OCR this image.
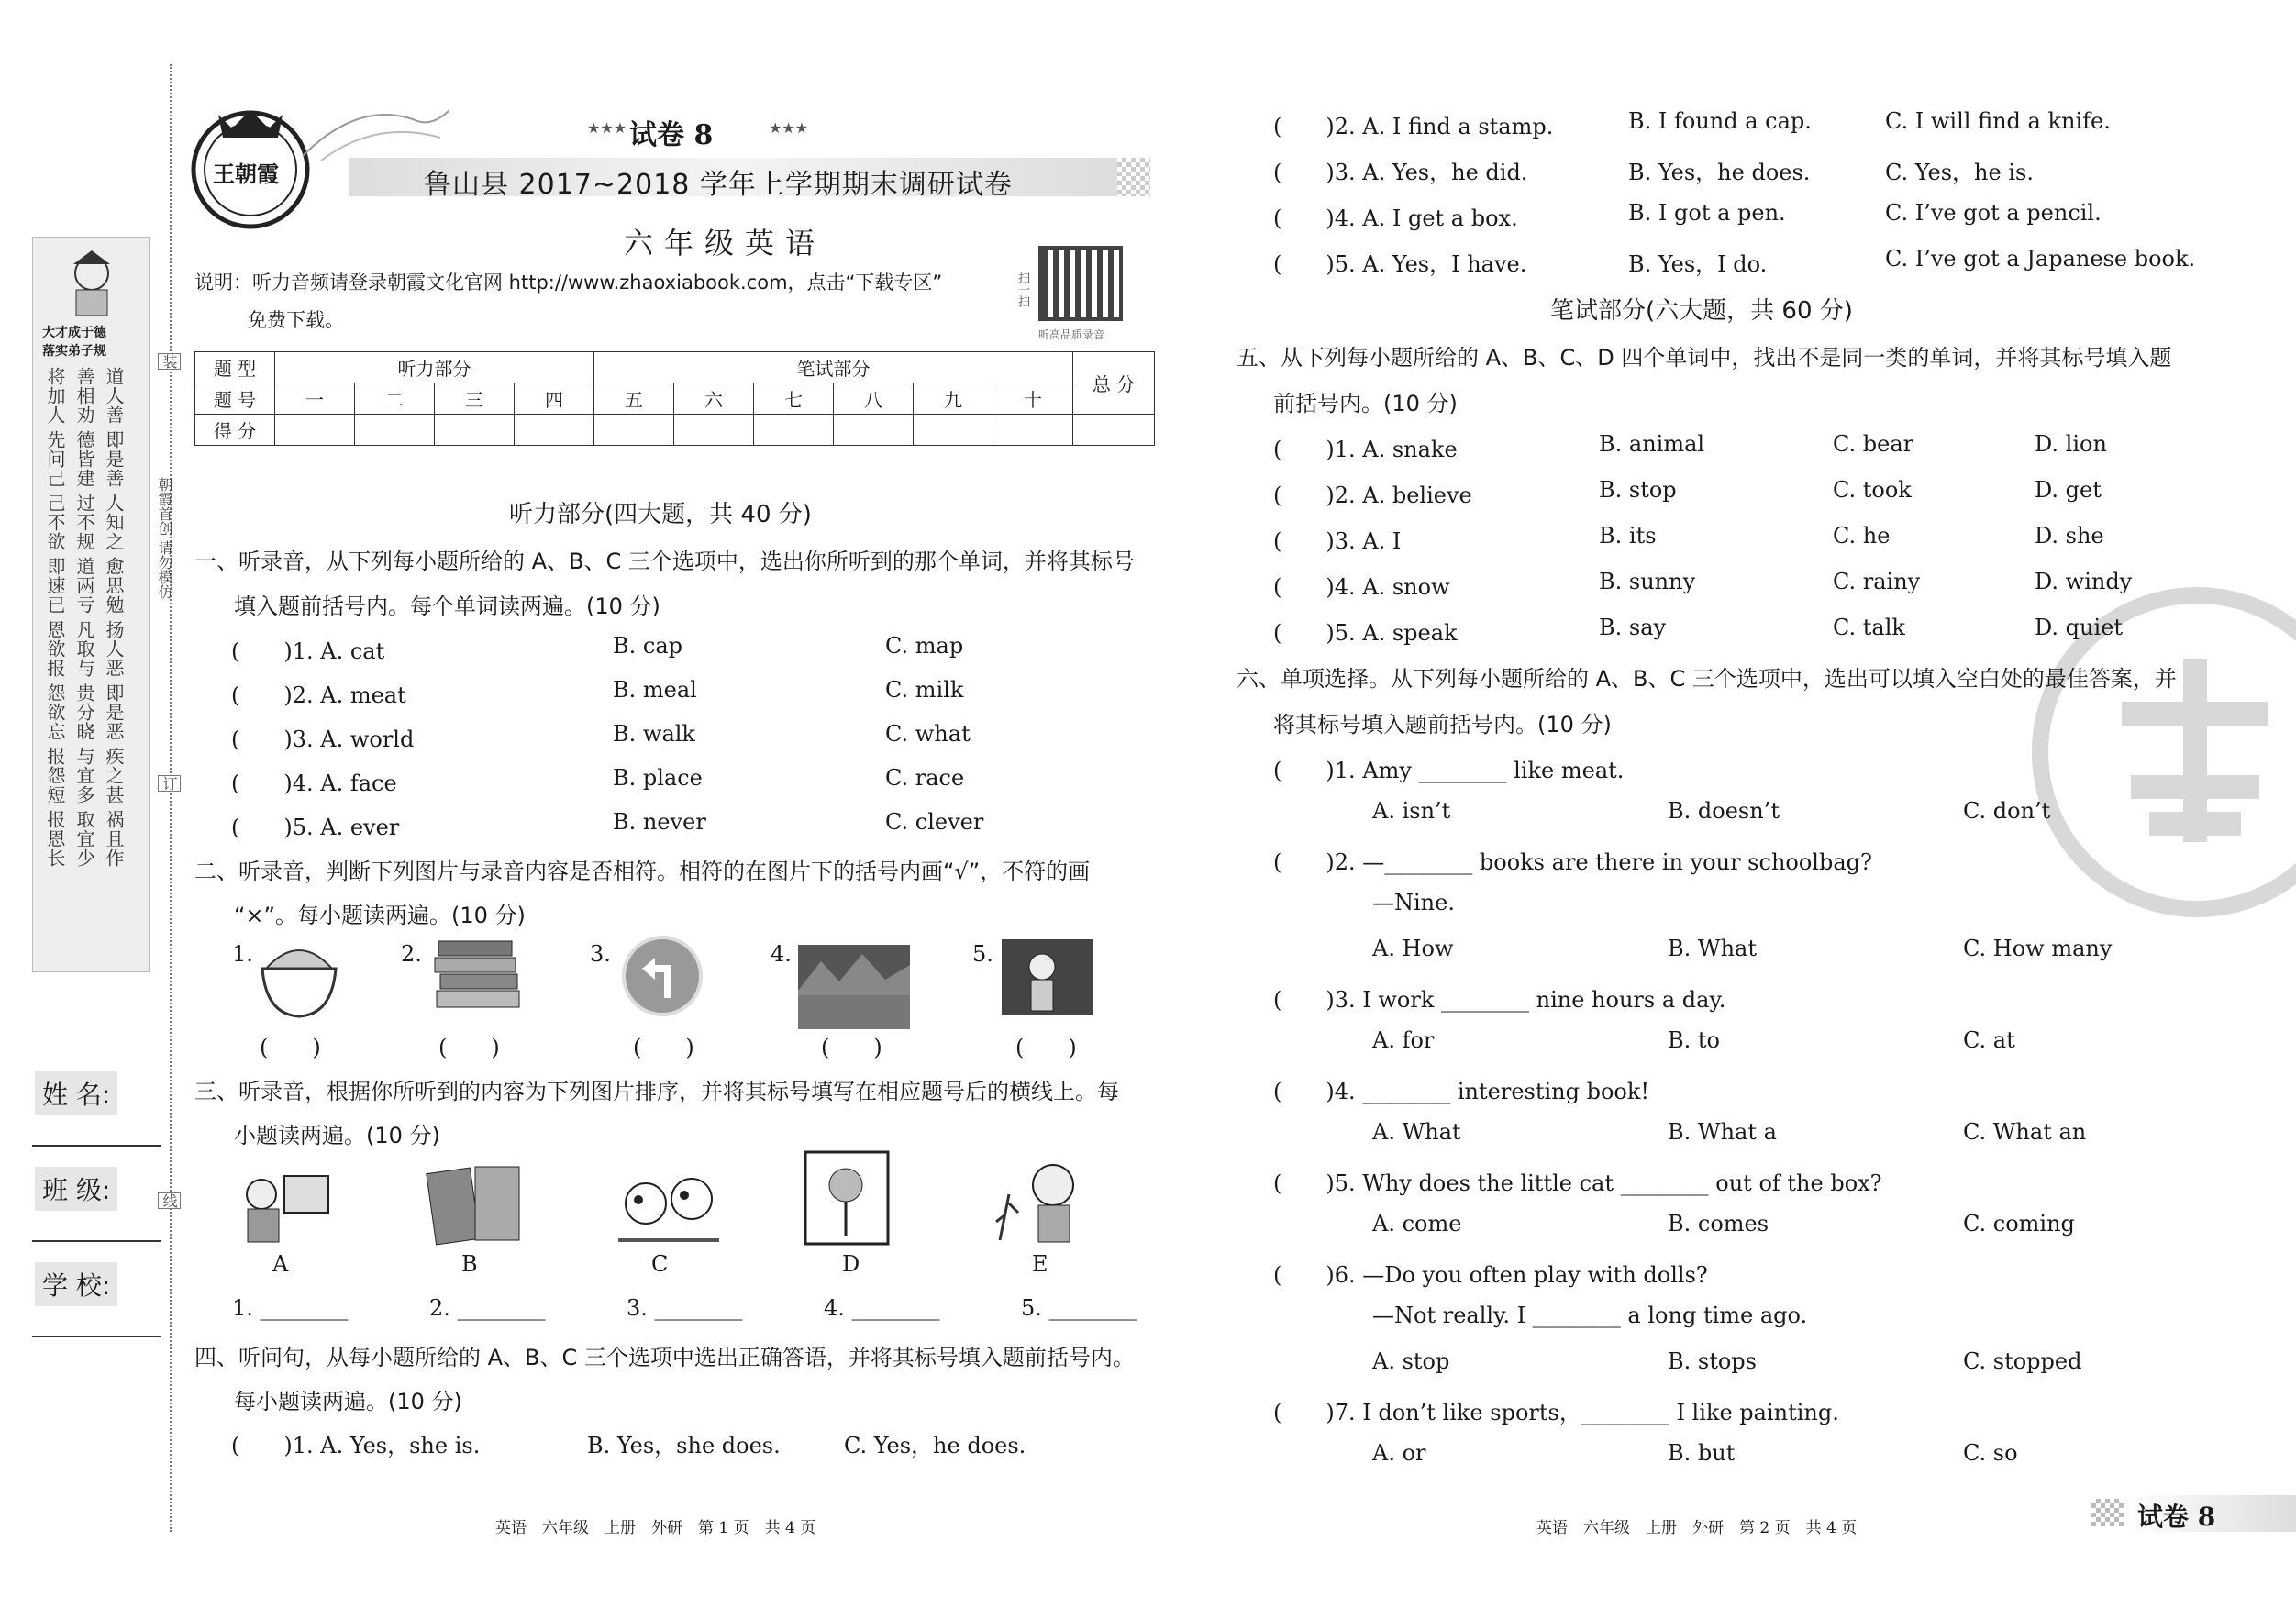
大才成于德
落实弟子规
将加人 善相劝 道人善
先问己 德皆建 即是善
己不欲 过不规 人知之
即速已 道两亏 愈思勉
恩欲报 凡取与 扬人恶
怨欲忘 贵分晓 即是恶
报怨短 与宜多 疾之甚
报恩长 取宜少 祸且作
装
朝霞首创 请勿模仿
订
线
姓 名:
班 级:
学 校:
王朝霞
★★★ 试卷 8	★★★
鲁山县 2017~2018 学年上学期期末调研试卷
六年级英语
说明：听力音频请登录朝霞文化官网 http://www.zhaoxiabook.com，点击“下载专区”
免费下载。
扫一扫
听高品质录音
题 型	听力部分				笔试部分						总 分
题 号	一	二	三	四	五	六	七	八	九	十	
得 分											
听力部分(四大题，共 40 分)
一、听录音，从下列每小题所给的 A、B、C 三个选项中，选出你所听到的那个单词，并将其标号
填入题前括号内。每个单词读两遍。(10 分)
(　　)1. A. cat	B. cap	C. map
(　　)2. A. meat	B. meal	C. milk
(　　)3. A. world	B. walk	C. what
(　　)4. A. face	B. place	C. race
(　　)5. A. ever	B. never	C. clever
二、听录音，判断下列图片与录音内容是否相符。相符的在图片下的括号内画“√”，不符的画
“×”。每小题读两遍。(10 分)
1.	2.	3.	4.	5.
(　　)	(　　)	(　　)	(　　)	(　　)
三、听录音，根据你所听到的内容为下列图片排序，并将其标号填写在相应题号后的横线上。每
小题读两遍。(10 分)
A	B	C	D	E
1. ________	2. ________	3. ________	4. ________	5. ________
四、听问句，从每小题所给的 A、B、C 三个选项中选出正确答语，并将其标号填入题前括号内。
每小题读两遍。(10 分)
(　　)1. A. Yes，she is.	B. Yes，she does.	C. Yes，he does.
(　　)2. A. I find a stamp.	B. I found a cap.	C. I will find a knife.
(　　)3. A. Yes，he did.	B. Yes，he does.	C. Yes，he is.
(　　)4. A. I get a box.	B. I got a pen.	C. I’ve got a pencil.
(　　)5. A. Yes，I have.	B. Yes，I do.	C. I’ve got a Japanese book.
笔试部分(六大题，共 60 分)
五、从下列每小题所给的 A、B、C、D 四个单词中，找出不是同一类的单词，并将其标号填入题
前括号内。(10 分)
(　　)1. A. snake	B. animal	C. bear	D. lion
(　　)2. A. believe	B. stop	C. took	D. get
(　　)3. A. I	B. its	C. he	D. she
(　　)4. A. snow	B. sunny	C. rainy	D. windy
(　　)5. A. speak	B. say	C. talk	D. quiet
六、单项选择。从下列每小题所给的 A、B、C 三个选项中，选出可以填入空白处的最佳答案，并
将其标号填入题前括号内。(10 分)
(　　)1. Amy ________ like meat.
A. isn’t	B. doesn’t	C. don’t
(　　)2. —________ books are there in your schoolbag?
—Nine.
A. How	B. What	C. How many
(　　)3. I work ________ nine hours a day.
A. for	B. to	C. at
(　　)4. ________ interesting book!
A. What	B. What a	C. What an
(　　)5. Why does the little cat ________ out of the box?
A. come	B. comes	C. coming
(　　)6. —Do you often play with dolls?
—Not really. I ________ a long time ago.
A. stop	B. stops	C. stopped
(　　)7. I don’t like sports，________ I like painting.
A. or	B. but	C. so
英语　六年级　上册　外研　第 1 页　共 4 页	英语　六年级　上册　外研　第 2 页　共 4 页	试卷 8
